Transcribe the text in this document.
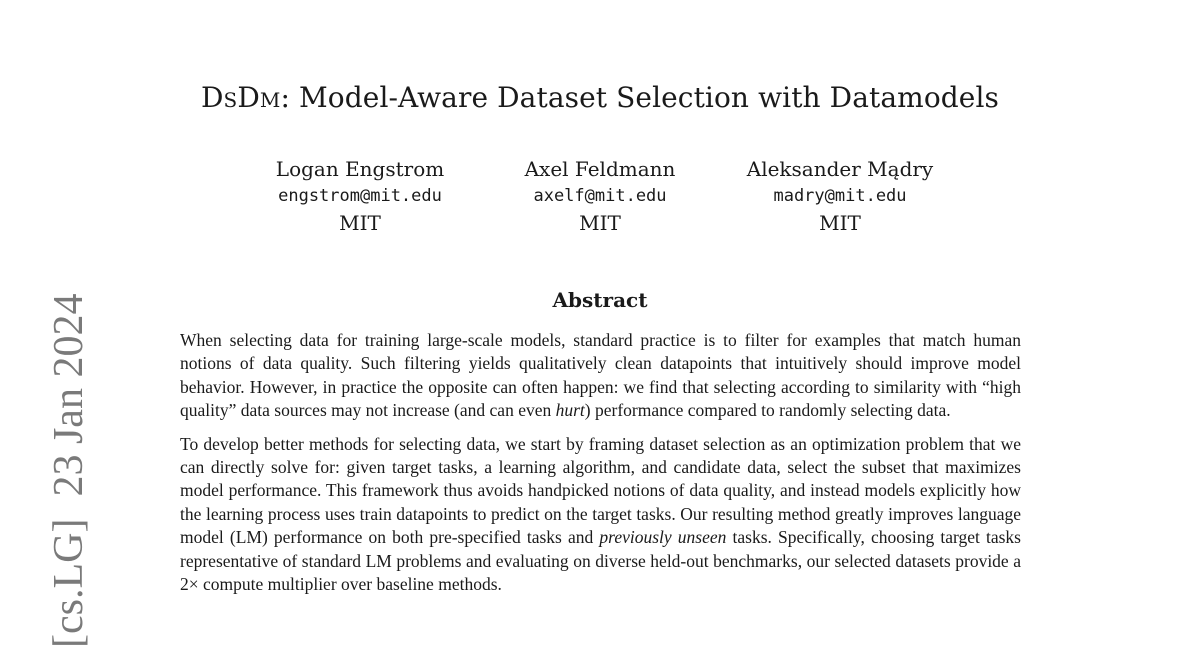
DsDm: Model-Aware Dataset Selection with Datamodels
Logan Engstrom
engstrom@mit.edu
MIT
Axel Feldmann
axelf@mit.edu
MIT
Aleksander Mądry
madry@mit.edu
MIT
Abstract

When selecting data for training large-scale models, standard practice is to filter for examples that match human notions of data quality. Such filtering yields qualitatively clean datapoints that intuitively should improve model behavior. However, in practice the opposite can often happen: we find that selecting according to similarity with “high quality” data sources may not increase (and can even hurt) performance compared to randomly selecting data.

To develop better methods for selecting data, we start by framing dataset selection as an optimization problem that we can directly solve for: given target tasks, a learning algorithm, and candidate data, select the subset that maximizes model performance. This framework thus avoids handpicked notions of data quality, and instead models explicitly how the learning process uses train datapoints to predict on the target tasks. Our resulting method greatly improves language model (LM) performance on both pre-specified tasks and previously unseen tasks. Specifically, choosing target tasks representative of standard LM problems and evaluating on diverse held-out benchmarks, our selected datasets provide a 2× compute multiplier over baseline methods.

[cs.LG]23 Jan 2024
